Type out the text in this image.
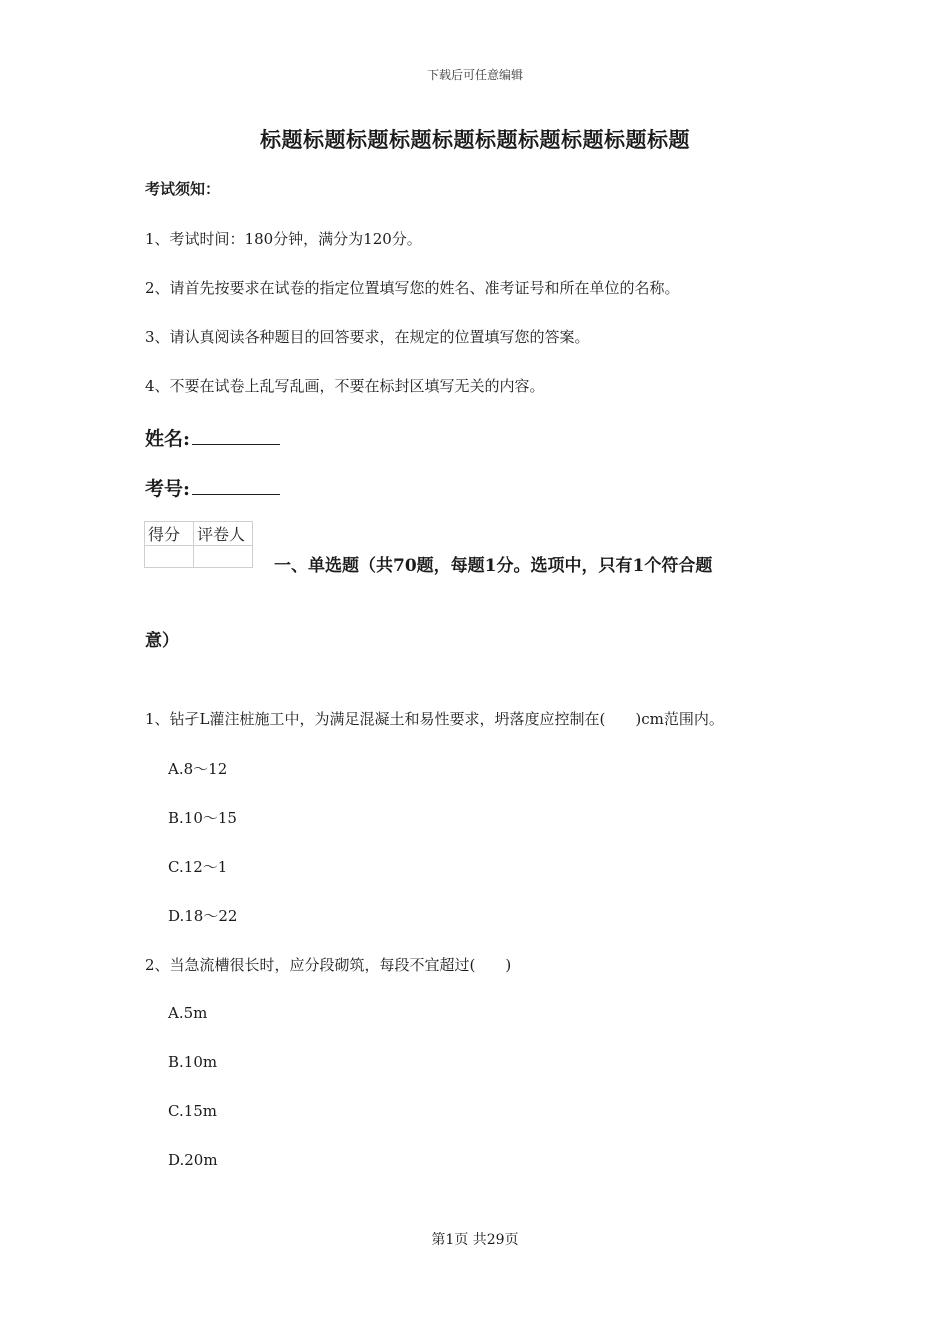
下载后可任意编辑
标题标题标题标题标题标题标题标题标题标题
考试须知：
1、考试时间：180分钟，满分为120分。
2、请首先按要求在试卷的指定位置填写您的姓名、准考证号和所在单位的名称。
3、请认真阅读各种题目的回答要求，在规定的位置填写您的答案。
4、不要在试卷上乱写乱画，不要在标封区填写无关的内容。
姓名:
考号:
得分	评卷人

一、单选题（共70题，每题1分。选项中，只有1个符合题
意）
1、钻孑L灌注桩施工中，为满足混凝土和易性要求，坍落度应控制在(　　)cm范围内。
A.8～12
B.10～15
C.12～1
D.18～22
2、当急流槽很长时，应分段砌筑，每段不宜超过(　　)
A.5m
B.10m
C.15m
D.20m
第1页 共29页
